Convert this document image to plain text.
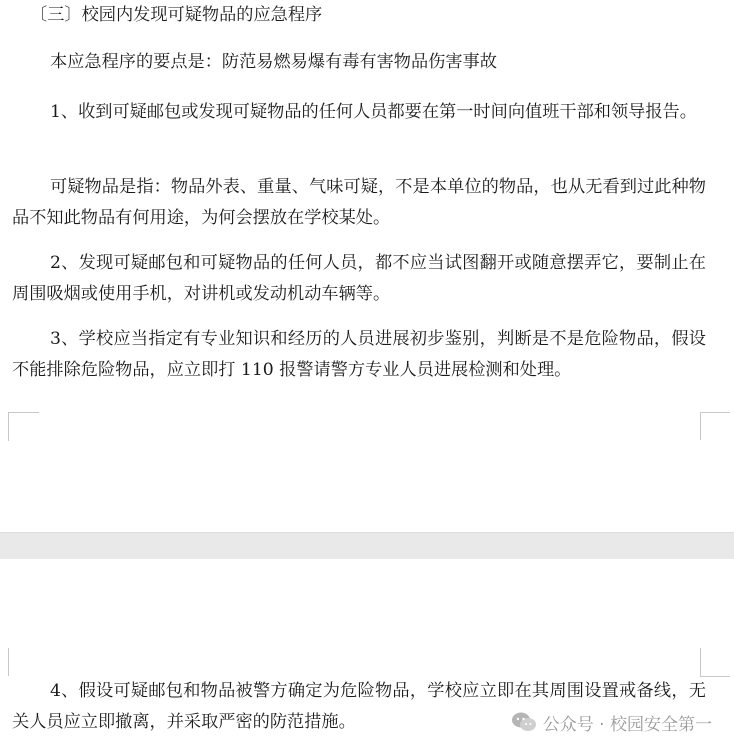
〔三〕校园内发现可疑物品的应急程序

本应急程序的要点是：防范易燃易爆有毒有害物品伤害事故

1、收到可疑邮包或发现可疑物品的任何人员都要在第一时间向值班干部和领导报告。

可疑物品是指：物品外表、重量、气味可疑，不是本单位的物品，也从无看到过此种物品不知此物品有何用途，为何会摆放在学校某处。

2、发现可疑邮包和可疑物品的任何人员，都不应当试图翻开或随意摆弄它，要制止在周围吸烟或使用手机，对讲机或发动机动车辆等。

3、学校应当指定有专业知识和经历的人员进展初步鉴别，判断是不是危险物品，假设不能排除危险物品，应立即打 110 报警请警方专业人员进展检测和处理。

4、假设可疑邮包和物品被警方确定为危险物品，学校应立即在其周围设置戒备线，无关人员应立即撤离，并采取严密的防范措施。	公众号 · 校园安全第一
